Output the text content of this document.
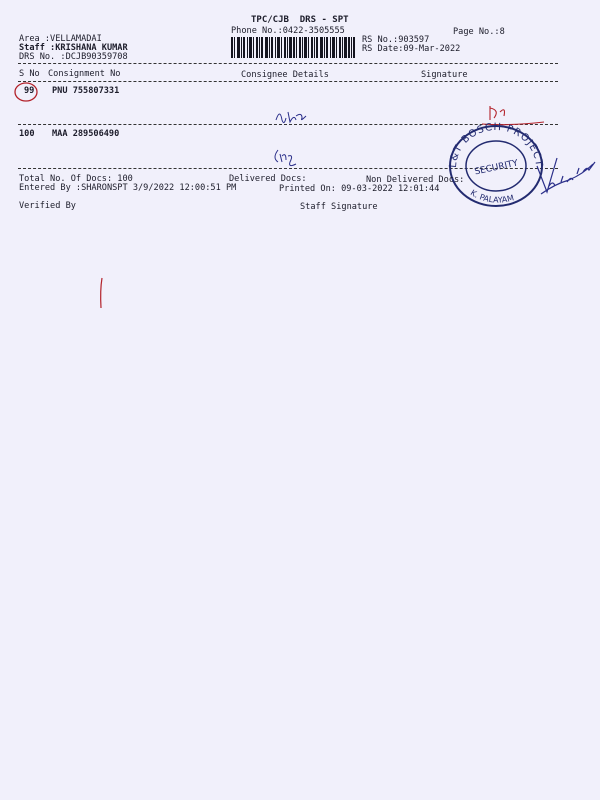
TPC/CJB  DRS - SPT
Phone No.:0422-3505555	Page No.:8
Area :VELLAMADAI
Staff :KRISHANA KUMAR
DRS No. :DCJB90359708
RS No.:903597
RS Date:09-Mar-2022
S No Consignment No	Consignee Details	Signature
99 PNU 755807331
100 MAA 289506490
L&T BOSCH PROJECT
SECURITY
K. PALAYAM
Total No. Of Docs: 100	Delivered Docs:	Non Delivered Docs:
Entered By :SHARONSPT 3/9/2022 12:00:51 PM	Printed On: 09-03-2022 12:01:44
Verified By	Staff Signature
